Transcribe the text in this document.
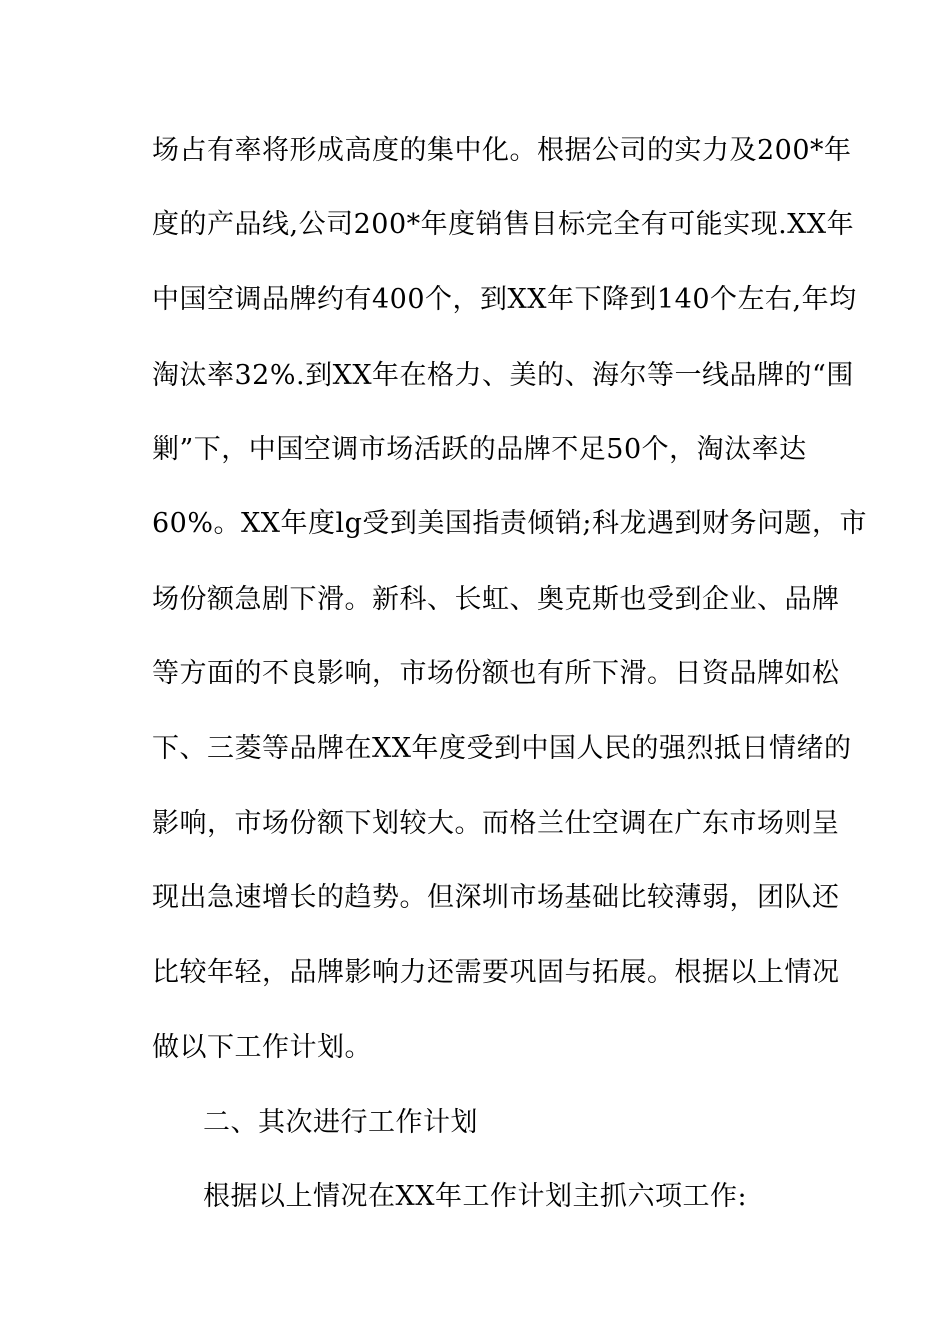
场占有率将形成高度的集中化。根据公司的实力及200*年
度的产品线,公司200*年度销售目标完全有可能实现.XX年
中国空调品牌约有400个，到XX年下降到140个左右,年均
淘汰率32%.到XX年在格力、美的、海尔等一线品牌的“围
剿”下，中国空调市场活跃的品牌不足50个，淘汰率达
60%。XX年度lg受到美国指责倾销;科龙遇到财务问题，市
场份额急剧下滑。新科、长虹、奥克斯也受到企业、品牌
等方面的不良影响，市场份额也有所下滑。日资品牌如松
下、三菱等品牌在XX年度受到中国人民的强烈抵日情绪的
影响，市场份额下划较大。而格兰仕空调在广东市场则呈
现出急速增长的趋势。但深圳市场基础比较薄弱，团队还
比较年轻，品牌影响力还需要巩固与拓展。根据以上情况
做以下工作计划。
二、其次进行工作计划
根据以上情况在XX年工作计划主抓六项工作:
